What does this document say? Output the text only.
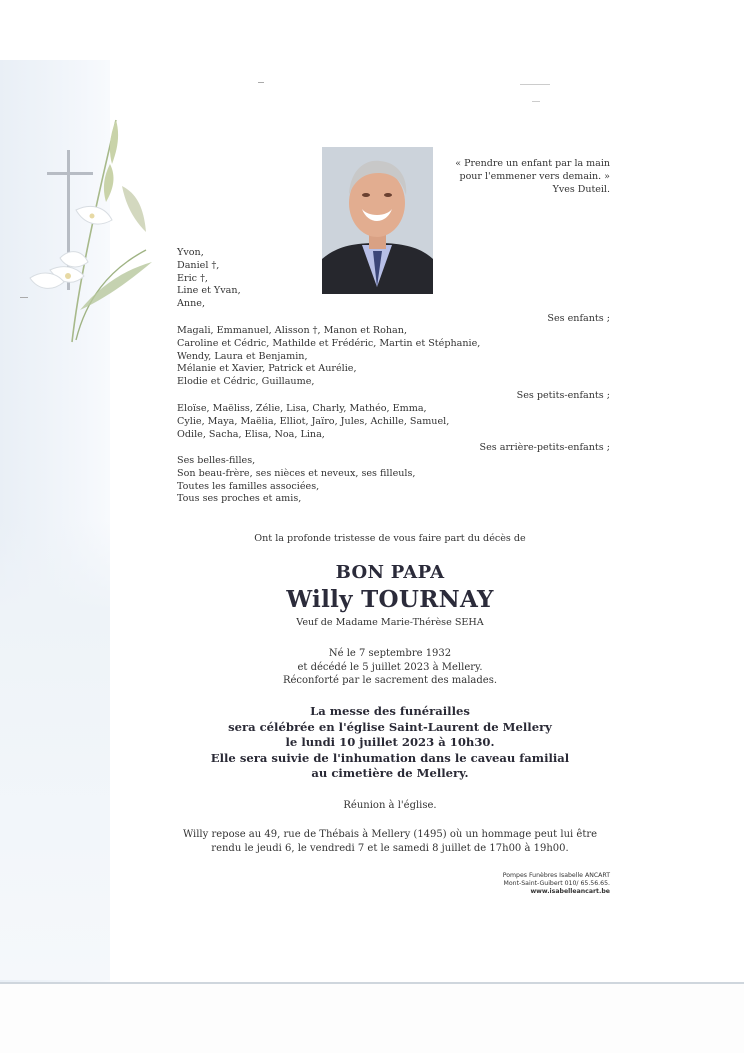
« Prendre un enfant par la main
pour l'emmener vers demain. »
Yves Duteil.
Yvon,
Daniel †,
Eric †,
Line et Yvan,
Anne,
Ses enfants ;
Magali, Emmanuel, Alisson †, Manon et Rohan,
Caroline et Cédric, Mathilde et Frédéric, Martin et Stéphanie,
Wendy, Laura et Benjamin,
Mélanie et Xavier, Patrick et Aurélie,
Elodie et Cédric, Guillaume,
Ses petits-enfants ;
Eloïse, Maëliss, Zélie, Lisa, Charly, Mathéo, Emma,
Cylie, Maya, Maëlia, Elliot, Jaïro, Jules, Achille, Samuel,
Odile, Sacha, Elisa, Noa, Lina,
Ses arrière-petits-enfants ;
Ses belles-filles,
Son beau-frère, ses nièces et neveux, ses filleuls,
Toutes les familles associées,
Tous ses proches et amis,
Ont la profonde tristesse de vous faire part du décès de
BON PAPA
Willy TOURNAY
Veuf de Madame Marie-Thérèse SEHA
Né le 7 septembre 1932
et décédé le 5 juillet 2023 à Mellery.
Réconforté par le sacrement des malades.
La messe des funérailles
sera célébrée en l'église Saint-Laurent de Mellery
le lundi 10 juillet 2023 à 10h30.
Elle sera suivie de l'inhumation dans le caveau familial
au cimetière de Mellery.
Réunion à l'église.
Willy repose au 49, rue de Thébais à Mellery (1495) où un hommage peut lui être
rendu le jeudi 6, le vendredi 7 et le samedi 8 juillet de 17h00 à 19h00.
Pompes Funèbres Isabelle ANCART
Mont-Saint-Guibert 010/ 65.56.65.
www.isabelleancart.be
